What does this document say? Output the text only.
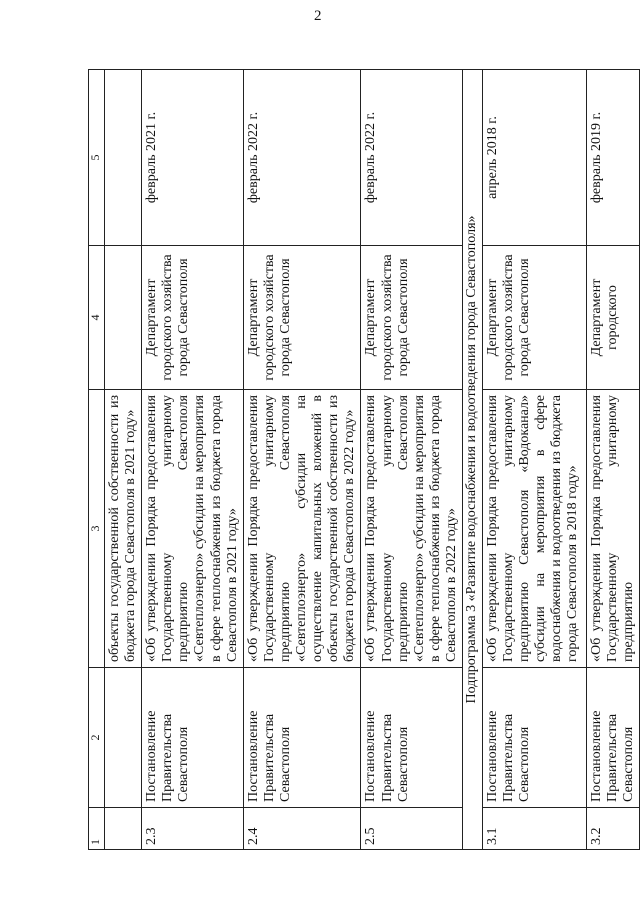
2
1	2	3	4	5
		объекты государственной собственности из бюджета города Севастополя в 2021 году»		
2.3	Постановление Правительства Севастополя	«Об утверждении Порядка предоставления Государственному унитарному предприятию Севастополя «Севтеплоэнерго» субсидии на мероприятия в сфере теплоснабжения из бюджета города Севастополя в 2021 году»	Департамент городского хозяйства города Севастополя	февраль 2021 г.
2.4	Постановление Правительства Севастополя	«Об утверждении Порядка предоставления Государственному унитарному предприятию Севастополя «Севтеплоэнерго» субсидии на осуществление капитальных вложений в объекты государственной собственности из бюджета города Севастополя в 2022 году»	Департамент городского хозяйства города Севастополя	февраль 2022 г.
2.5	Постановление Правительства Севастополя	«Об утверждении Порядка предоставления Государственному унитарному предприятию Севастополя «Севтеплоэнерго» субсидии на мероприятия в сфере теплоснабжения из бюджета города Севастополя в 2022 году»	Департамент городского хозяйства города Севастополя	февраль 2022 г.
Подпрограмма 3 «Развитие водоснабжения и водоотведения города Севастополя»				
3.1	Постановление Правительства Севастополя	«Об утверждении Порядка предоставления Государственному унитарному предприятию Севастополя «Водоканал» субсидии на мероприятия в сфере водоснабжения и водоотведения из бюджета города Севастополя в 2018 году»	Департамент городского хозяйства города Севастополя	апрель 2018 г.
3.2	Постановление Правительства Севастополя	«Об утверждении Порядка предоставления Государственному унитарному предприятию	Департамент городского	февраль 2019 г.
